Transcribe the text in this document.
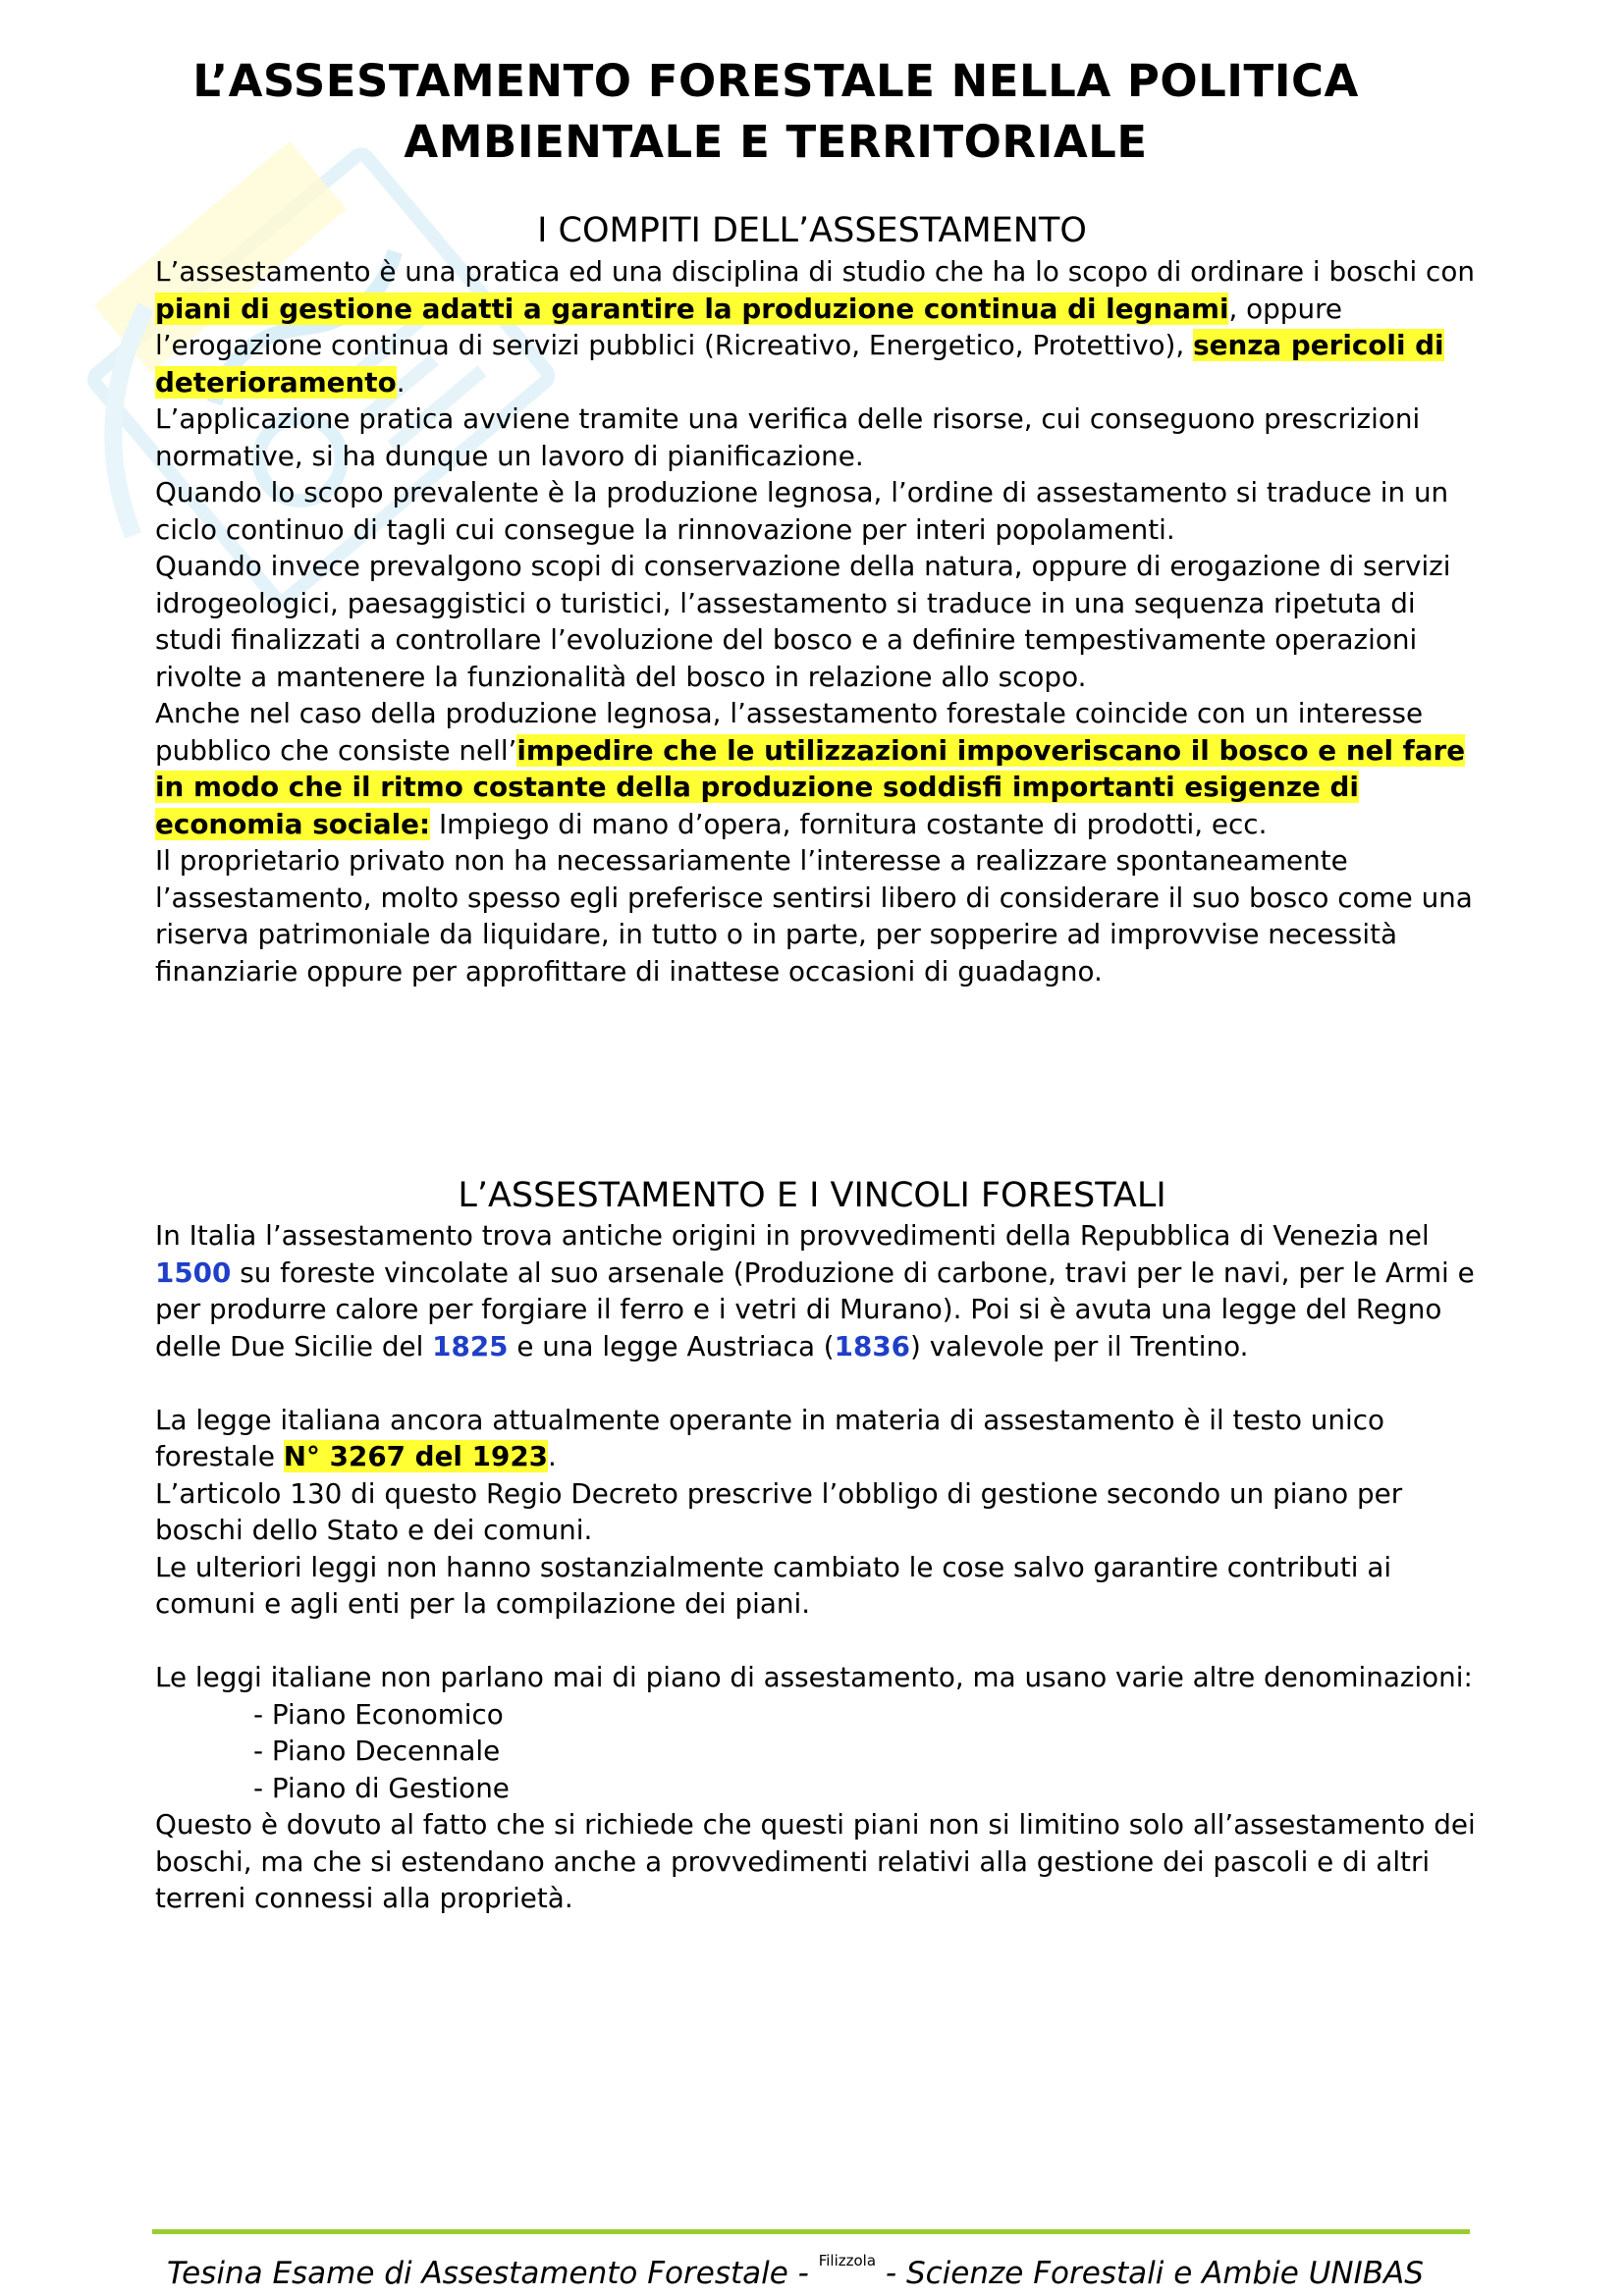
L’ASSESTAMENTO FORESTALE NELLA POLITICA AMBIENTALE E TERRITORIALE
I COMPITI DELL’ASSESTAMENTO

L’assestamento è una pratica ed una disciplina di studio che ha lo scopo di ordinare i boschi con piani di gestione adatti a garantire la produzione continua di legnami, oppure l’erogazione continua di servizi pubblici (Ricreativo, Energetico, Protettivo), senza pericoli di deterioramento.

L’applicazione pratica avviene tramite una verifica delle risorse, cui conseguono prescrizioni normative, si ha dunque un lavoro di pianificazione.

Quando lo scopo prevalente è la produzione legnosa, l’ordine di assestamento si traduce in un ciclo continuo di tagli cui consegue la rinnovazione per interi popolamenti.

Quando invece prevalgono scopi di conservazione della natura, oppure di erogazione di servizi idrogeologici, paesaggistici o turistici, l’assestamento si traduce in una sequenza ripetuta di studi finalizzati a controllare l’evoluzione del bosco e a definire tempestivamente operazioni rivolte a mantenere la funzionalità del bosco in relazione allo scopo.

Anche nel caso della produzione legnosa, l’assestamento forestale coincide con un interesse pubblico che consiste nell’impedire che le utilizzazioni impoveriscano il bosco e nel fare in modo che il ritmo costante della produzione soddisfi importanti esigenze di economia sociale: Impiego di mano d’opera, fornitura costante di prodotti, ecc.

Il proprietario privato non ha necessariamente l’interesse a realizzare spontaneamente l’assestamento, molto spesso egli preferisce sentirsi libero di considerare il suo bosco come una riserva patrimoniale da liquidare, in tutto o in parte, per sopperire ad improvvise necessità finanziarie oppure per approfittare di inattese occasioni di guadagno.

L’ASSESTAMENTO E I VINCOLI FORESTALI

In Italia l’assestamento trova antiche origini in provvedimenti della Repubblica di Venezia nel 1500 su foreste vincolate al suo arsenale (Produzione di carbone, travi per le navi, per le Armi e per produrre calore per forgiare il ferro e i vetri di Murano). Poi si è avuta una legge del Regno delle Due Sicilie del 1825 e una legge Austriaca (1836) valevole per il Trentino.

La legge italiana ancora attualmente operante in materia di assestamento è il testo unico forestale N° 3267 del 1923.

L’articolo 130 di questo Regio Decreto prescrive l’obbligo di gestione secondo un piano per boschi dello Stato e dei comuni.

Le ulteriori leggi non hanno sostanzialmente cambiato le cose salvo garantire contributi ai comuni e agli enti per la compilazione dei piani.

Le leggi italiane non parlano mai di piano di assestamento, ma usano varie altre denominazioni:

- Piano Economico
- Piano Decennale
- Piano di Gestione

Questo è dovuto al fatto che si richiede che questi piani non si limitino solo all’assestamento dei boschi, ma che si estendano anche a provvedimenti relativi alla gestione dei pascoli e di altri terreni connessi alla proprietà.

Tesina Esame di Assestamento Forestale - $^{Filizzola}$ - Scienze Forestali e Ambie UNIBAS
